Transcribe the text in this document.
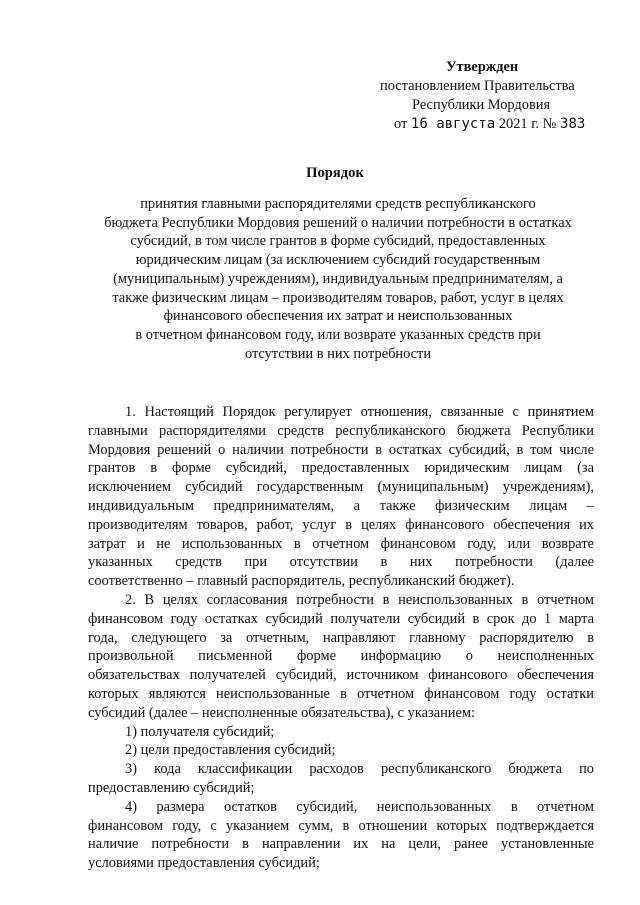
Утвержден
постановлением Правительства
Республики Мордовия
от 16 августа 2021 г. № 383
Порядок
принятия главными распорядителями средств республиканского
бюджета Республики Мордовия решений о наличии потребности в остатках
субсидий, в том числе грантов в форме субсидий, предоставленных
юридическим лицам (за исключением субсидий государственным
(муниципальным) учреждениям), индивидуальным предпринимателям, а
также физическим лицам – производителям товаров, работ, услуг в целях
финансового обеспечения их затрат и неиспользованных
в отчетном финансовом году, или возврате указанных средств при
отсутствии в них потребности
1. Настоящий Порядок регулирует отношения, связанные с принятием
главными распорядителями средств республиканского бюджета Республики
Мордовия решений о наличии потребности в остатках субсидий, в том числе
грантов в форме субсидий, предоставленных юридическим лицам (за
исключением субсидий государственным (муниципальным) учреждениям),
индивидуальным предпринимателям, а также физическим лицам –
производителям товаров, работ, услуг в целях финансового обеспечения их
затрат и не использованных в отчетном финансовом году, или возврате
указанных средств при отсутствии в них потребности (далее
соответственно – главный распорядитель, республиканский бюджет).
2. В целях согласования потребности в неиспользованных в отчетном
финансовом году остатках субсидий получатели субсидий в срок до 1 марта
года, следующего за отчетным, направляют главному распорядителю в
произвольной письменной форме информацию о неисполненных
обязательствах получателей субсидий, источником финансового обеспечения
которых являются неиспользованные в отчетном финансовом году остатки
субсидий (далее – неисполненные обязательства), с указанием:
1) получателя субсидий;
2) цели предоставления субсидий;
3) кода классификации расходов республиканского бюджета по
предоставлению субсидий;
4) размера остатков субсидий, неиспользованных в отчетном
финансовом году, с указанием сумм, в отношении которых подтверждается
наличие потребности в направлении их на цели, ранее установленные
условиями предоставления субсидий;
